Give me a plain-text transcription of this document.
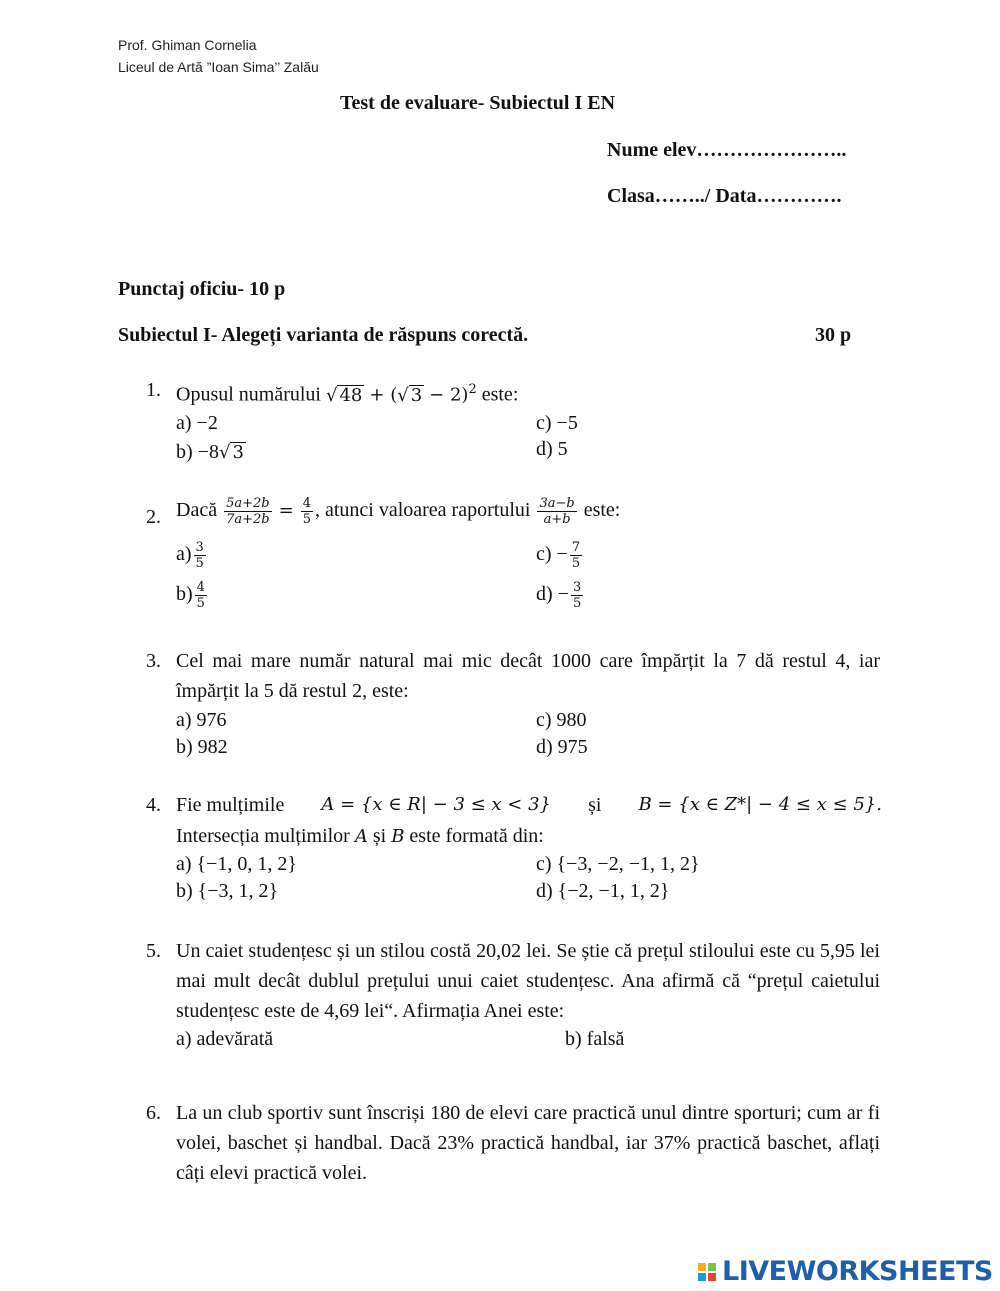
Prof. Ghiman Cornelia
Liceul de Artă ”Ioan Sima’’ Zalău
Test de evaluare- Subiectul I EN
Nume elev…………………..
Clasa……../ Data………….
Punctaj oficiu- 10 p
Subiectul I- Alegeți varianta de răspuns corectă.	30 p
1. Opusul numărului √ 48 + (√ 3 − 2)$^2$ este:
a) −2
b) −8√ 3
c) −5
d) 5
2. Dacă $\frac{5a+2b}{7a+2b} = \frac{4}{5}$ , atunci valoarea raportului $\frac{3a-b}{a+b}$ este:
$a) \frac{3}{5}$
$b) \frac{4}{5}$
$c) - \frac{7}{5}$
$d) - \frac{3}{5}$
3. Cel mai mare număr natural mai mic decât 1000 care împărțit la 7 dă restul 4, iar împărțit la 5 dă restul 2, este:
a) 976
b) 982
c) 980
d) 975
4. Fie mulțimile A = {x ∈ R| − 3 ≤ x < 3} și B = {x ∈ Z*| − 4 ≤ x ≤ 5}.
Intersecția mulțimilor A și B este formată din:
a) {−1, 0, 1, 2}
b) {−3, 1, 2}
c) {−3, −2, −1, 1, 2}
d) {−2, −1, 1, 2}
5. Un caiet studențesc și un stilou costă 20,02 lei. Se știe că prețul stiloului este cu 5,95 lei mai mult decât dublul prețului unui caiet studențesc. Ana afirmă că “prețul caietului studențesc este de 4,69 lei“. Afirmația Anei este:
a) adevărată	b) falsă
6. La un club sportiv sunt înscriși 180 de elevi care practică unul dintre sporturi; cum ar fi volei, baschet și handbal. Dacă 23% practică handbal, iar 37% practică baschet, aflați câți elevi practică volei.
LIVEWORKSHEETS
